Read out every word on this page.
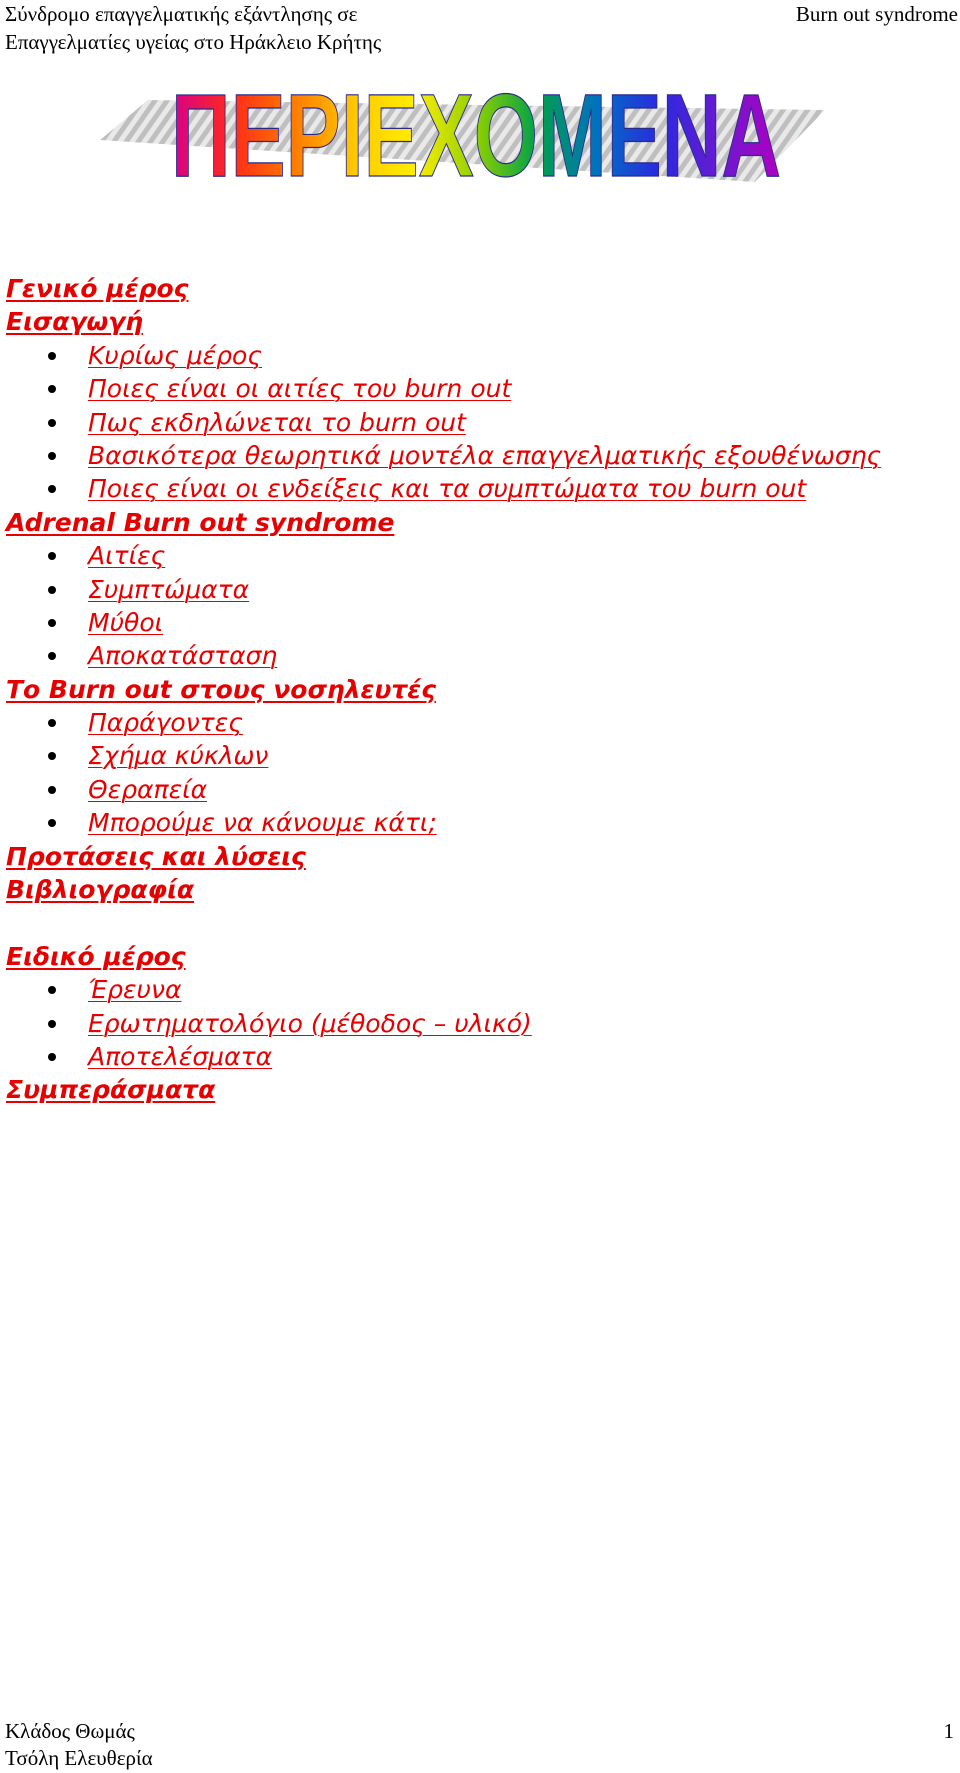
Σύνδρομο επαγγελματικής εξάντλησης σε
Επαγγελματίες υγείας στο Ηράκλειο Κρήτης
Burn out syndrome
ΠΕΡΙΕΧΟΜΕΝΑ
Γενικό μέρος
Εισαγωγή
Κυρίως μέρος
Ποιες είναι οι αιτίες του burn out
Πως εκδηλώνεται το burn out
Βασικότερα θεωρητικά μοντέλα επαγγελματικής εξουθένωσης
Ποιες είναι οι ενδείξεις και τα συμπτώματα του burn out
Adrenal Burn out syndrome
Αιτίες
Συμπτώματα
Μύθοι
Αποκατάσταση
Το Burn out στους νοσηλευτές
Παράγοντες
Σχήμα κύκλων
Θεραπεία
Μπορούμε να κάνουμε κάτι;
Προτάσεις και λύσεις
Βιβλιογραφία
Ειδικό μέρος
Έρευνα
Ερωτηματολόγιο (μέθοδος – υλικό)
Αποτελέσματα
Συμπεράσματα
Κλάδος Θωμάς
Τσόλη Ελευθερία
1
